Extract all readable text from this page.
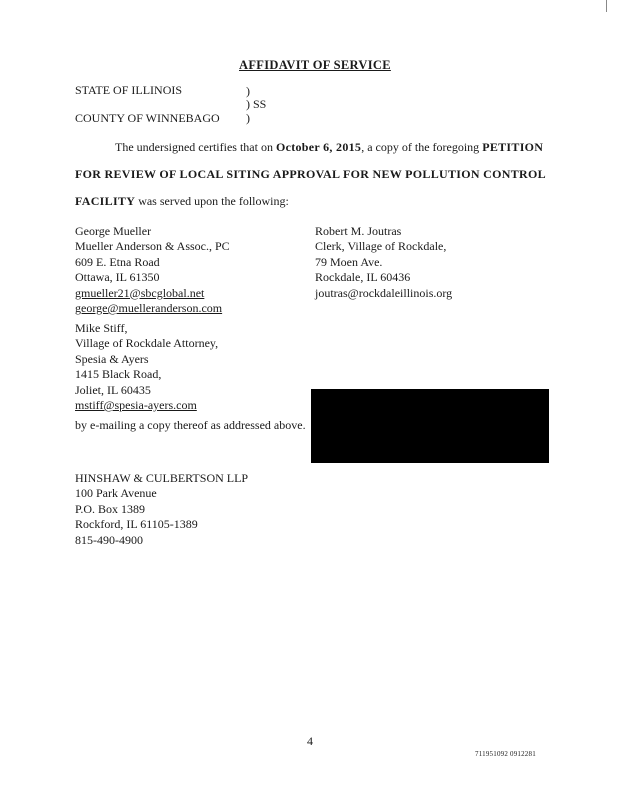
AFFIDAVIT OF SERVICE
STATE OF ILLINOIS	)
) SS
COUNTY OF WINNEBAGO )
The undersigned certifies that on October 6, 2015, a copy of the foregoing PETITION
FOR REVIEW OF LOCAL SITING APPROVAL FOR NEW POLLUTION CONTROL
FACILITY was served upon the following:
George Mueller
Mueller Anderson & Assoc., PC
609 E. Etna Road
Ottawa, IL 61350
gmueller21@sbcglobal.net
george@muelleranderson.com
Robert M. Joutras
Clerk, Village of Rockdale,
79 Moen Ave.
Rockdale, IL 60436
joutras@rockdaleillinois.org
Mike Stiff,
Village of Rockdale Attorney,
Spesia & Ayers
1415 Black Road,
Joliet, IL 60435
mstiff@spesia-ayers.com
by e-mailing a copy thereof as addressed above.
HINSHAW & CULBERTSON LLP
100 Park Avenue
P.O. Box 1389
Rockford, IL 61105-1389
815-490-4900
4
711951092 0912281
